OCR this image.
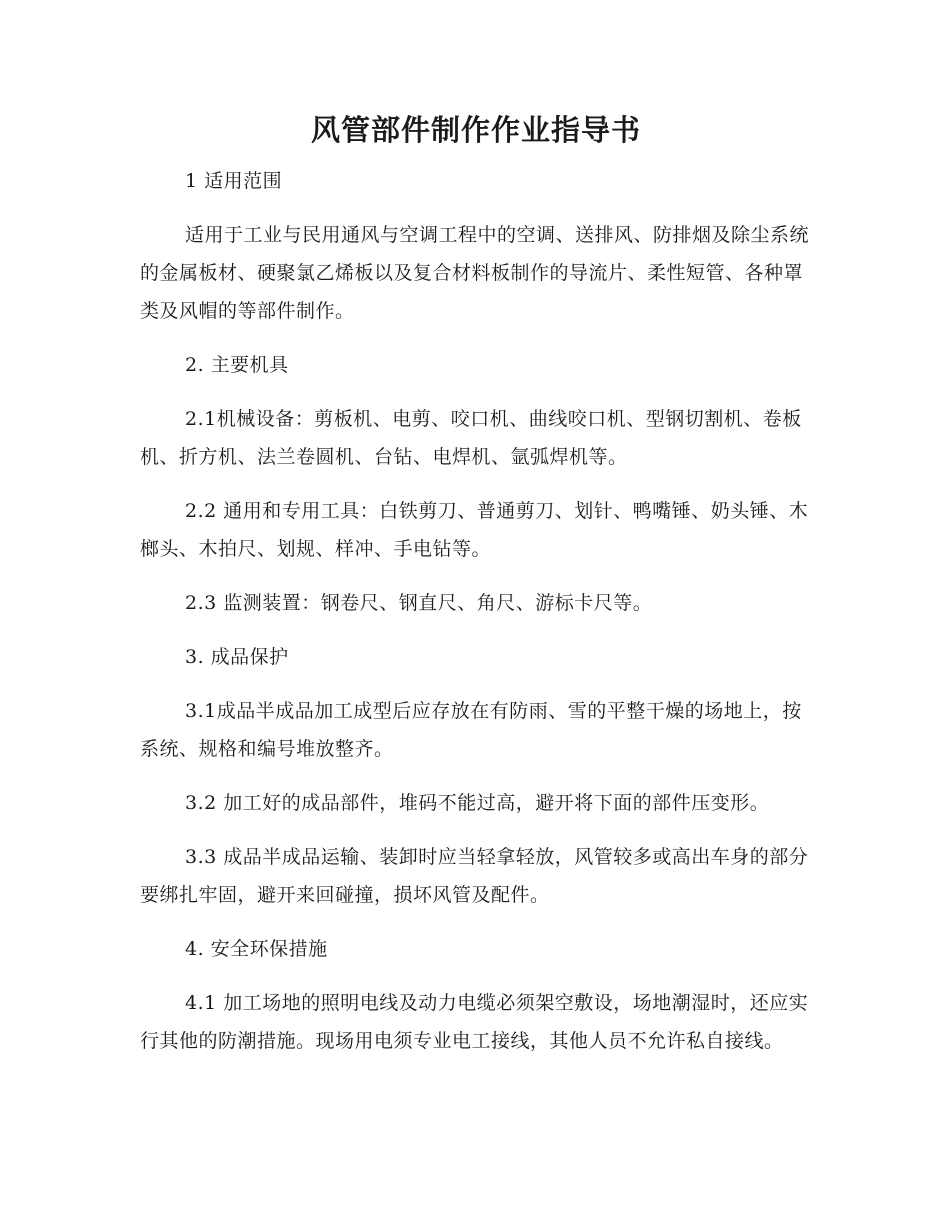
风管部件制作作业指导书
1 适用范围
适用于工业与民用通风与空调工程中的空调、送排风、防排烟及除尘系统的金属板材、硬聚氯乙烯板以及复合材料板制作的导流片、柔性短管、各种罩类及风帽的等部件制作。
2. 主要机具
2.1机械设备：剪板机、电剪、咬口机、曲线咬口机、型钢切割机、卷板机、折方机、法兰卷圆机、台钻、电焊机、氩弧焊机等。
2.2 通用和专用工具：白铁剪刀、普通剪刀、划针、鸭嘴锤、奶头锤、木榔头、木拍尺、划规、样冲、手电钻等。
2.3 监测装置：钢卷尺、钢直尺、角尺、游标卡尺等。
3. 成品保护
3.1成品半成品加工成型后应存放在有防雨、雪的平整干燥的场地上，按系统、规格和编号堆放整齐。
3.2 加工好的成品部件，堆码不能过高，避开将下面的部件压变形。
3.3 成品半成品运输、装卸时应当轻拿轻放，风管较多或高出车身的部分要绑扎牢固，避开来回碰撞，损坏风管及配件。
4. 安全环保措施
4.1 加工场地的照明电线及动力电缆必须架空敷设，场地潮湿时，还应实行其他的防潮措施。现场用电须专业电工接线，其他人员不允许私自接线。
